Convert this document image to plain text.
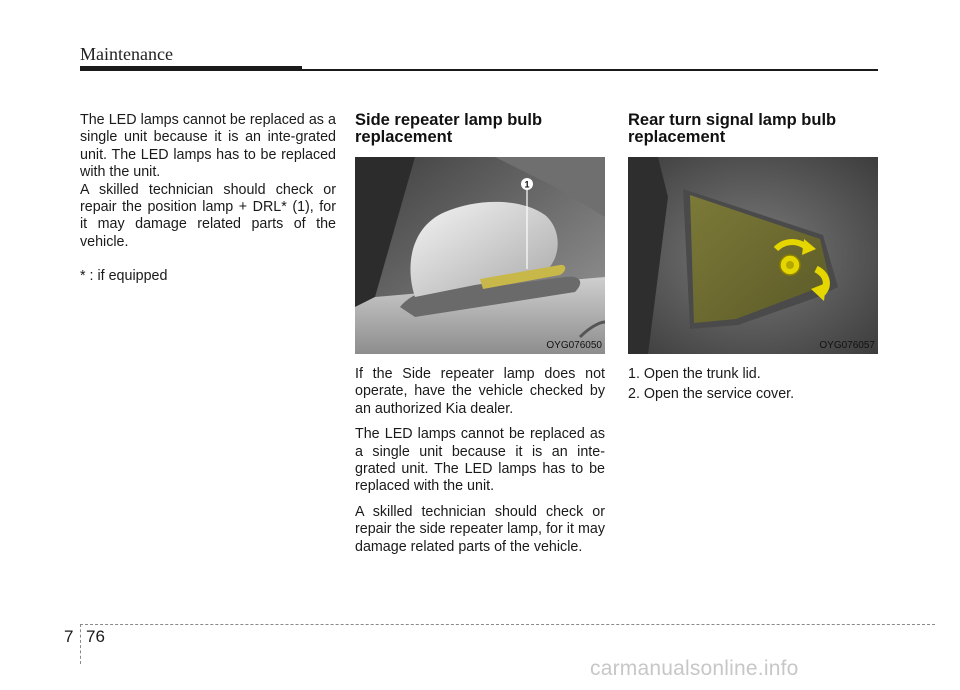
Maintenance

The LED lamps cannot be replaced as a single unit because it is an inte-grated unit. The LED lamps has to be replaced with the unit.

A skilled technician should check or repair the position lamp + DRL* (1), for it may damage related parts of the vehicle.

* : if equipped

Side repeater lamp bulb replacement
1
OYG076050

If the Side repeater lamp does not operate, have the vehicle checked by an authorized Kia dealer.

The LED lamps cannot be replaced as a single unit because it is an inte-grated unit. The LED lamps has to be replaced with the unit.

A skilled technician should check or repair the side repeater lamp, for it may damage related parts of the vehicle.

Rear turn signal lamp bulb replacement
OYG076057

1. Open the trunk lid.

2. Open the service cover.

7 76
carmanualsonline.info
